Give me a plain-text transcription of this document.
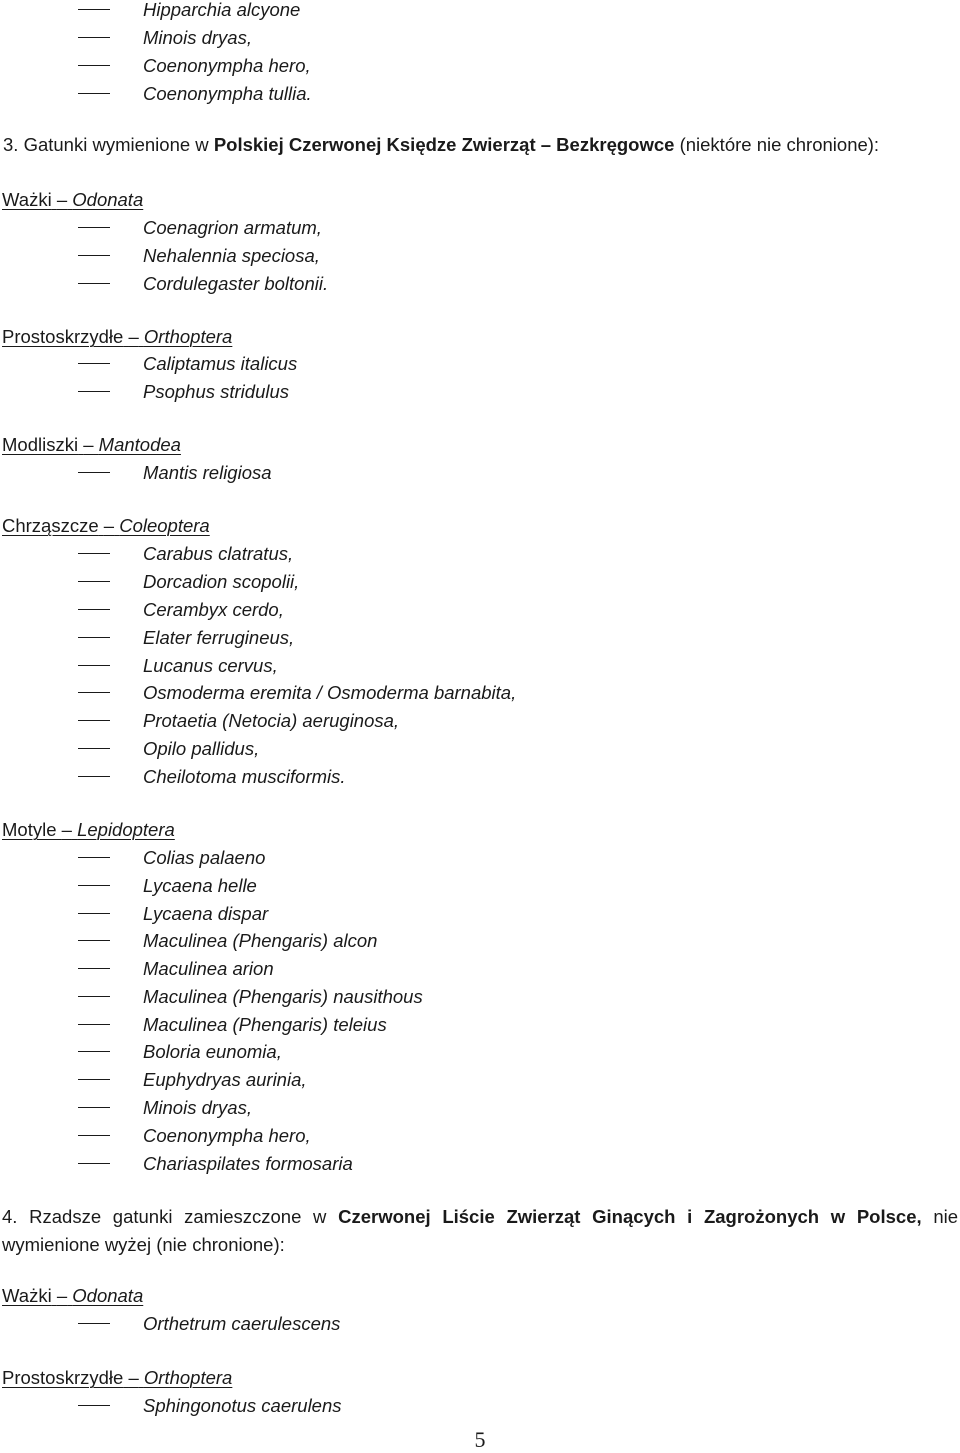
Hipparchia alcyone
Minois dryas,
Coenonympha hero,
Coenonympha tullia.
3. Gatunki wymienione w Polskiej Czerwonej Księdze Zwierząt – Bezkręgowce (niektóre nie chronione):
Ważki – Odonata
Coenagrion armatum,
Nehalennia speciosa,
Cordulegaster boltonii.
Prostoskrzydłe – Orthoptera
Caliptamus italicus
Psophus stridulus
Modliszki – Mantodea
Mantis religiosa
Chrząszcze – Coleoptera
Carabus clatratus,
Dorcadion scopolii,
Cerambyx cerdo,
Elater ferrugineus,
Lucanus cervus,
Osmoderma eremita / Osmoderma barnabita,
Protaetia (Netocia) aeruginosa,
Opilo pallidus,
Cheilotoma musciformis.
Motyle – Lepidoptera
Colias palaeno
Lycaena helle
Lycaena dispar
Maculinea (Phengaris) alcon
Maculinea arion
Maculinea (Phengaris) nausithous
Maculinea (Phengaris) teleius
Boloria eunomia,
Euphydryas aurinia,
Minois dryas,
Coenonympha hero,
Chariaspilates formosaria
4. Rzadsze gatunki zamieszczone w Czerwonej Liście Zwierząt Ginących i Zagrożonych w Polsce, nie wymienione wyżej (nie chronione):
Ważki – Odonata
Orthetrum caerulescens
Prostoskrzydłe – Orthoptera
Sphingonotus caerulens
5
